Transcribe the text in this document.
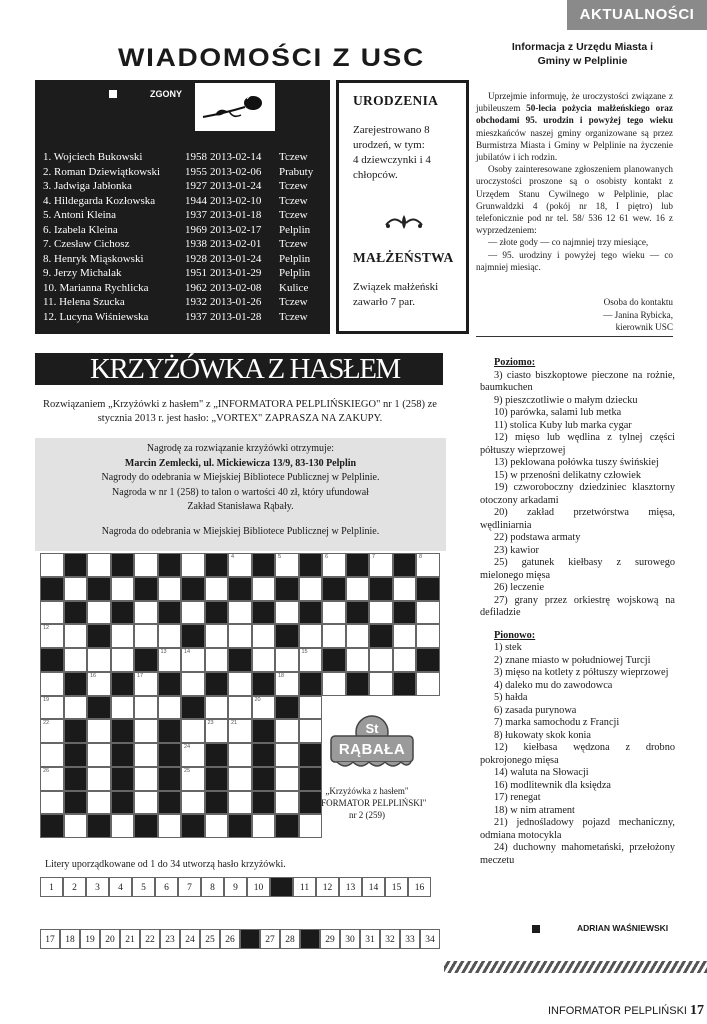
AKTUALNOŚCI
WIADOMOŚCI Z USC
ZGONY
1. Wojciech Bukowski	1958 2013-02-14 Tczew
2. Roman Dziewiątkowski 1955 2013-02-06 Prabuty
3. Jadwiga Jabłonka	1927 2013-01-24 Tczew
4. Hildegarda Kozłowska	1944 2013-02-10 Tczew
5. Antoni Kleina	1937 2013-01-18 Tczew
6. Izabela Kleina	1969 2013-02-17 Pelplin
7. Czesław Cichosz	1938 2013-02-01 Tczew
8. Henryk Miąskowski	1928 2013-01-24 Pelplin
9. Jerzy Michalak	1951 2013-01-29 Pelplin
10. Marianna Rychlicka	1962 2013-02-08 Kulice
11. Helena Szucka	1932 2013-01-26 Tczew
12. Lucyna Wiśniewska	1937 2013-01-28 Tczew
URODZENIA
Zarejestrowano 8 urodzeń, w tym:
4 dziewczynki i 4 chłopców.
MAŁŻEŃSTWA
Związek małżeński zawarło 7 par.
Informacja z Urzędu Miasta i Gminy w Pelplinie

Uprzejmie informuję, że uroczystości związane z jubileuszem 50-lecia pożycia małżeńskiego oraz obchodami 95. urodzin i powyżej tego wieku mieszkańców naszej gminy organizowane są przez Burmistrza Miasta i Gminy w Pelplinie na życzenie jubilatów i ich rodzin.

Osoby zainteresowane zgłoszeniem planowanych uroczystości proszone są o osobisty kontakt z Urzędem Stanu Cywilnego w Pelplinie, plac Grunwaldzki 4 (pokój nr 18, I piętro) lub telefonicznie pod nr tel. 58/ 536 12 61 wew. 16 z wyprzedzeniem:

— złote gody — co najmniej trzy miesiące,

— 95. urodziny i powyżej tego wieku — co najmniej miesiąc.

Osoba do kontaktu
— Janina Rybicka,
kierownik USC
KRZYŻÓWKA Z HASŁEM
Rozwiązaniem „Krzyżówki z hasłem" z „INFORMATORA PELPLIŃSKIEGO" nr 1 (258) ze stycznia 2013 r. jest hasło: „VORTEX" ZAPRASZA NA ZAKUPY.
Nagrodę za rozwiązanie krzyżówki otrzymuje:
Marcin Zemlecki, ul. Mickiewicza 13/9, 83-130 Pelplin
Nagrody do odebrania w Miejskiej Bibliotece Publicznej w Pelplinie.
Nagroda w nr 1 (258) to talon o wartości 40 zł, który ufundował
Zakład Stanisława Rąbały.
Nagroda do odebrania w Miejskiej Bibliotece Publicznej w Pelplinie.
4	5	6	7	8
12
13	14	15
16	17	18
19	20
22	23	21
24
26	25
St
RĄBAŁA
„Krzyżówka z hasłem"
„INFORMATOR PELPLIŃSKI"
nr 2 (259)
Litery uporządkowane od 1 do 34 utworzą hasło krzyżówki.
1	2	3	4	5	6	7	8	9	10	11	12	13	14	15	16
17	18	19	20	21	22	23	24	25	26	27	28	29	30	31	32	33	34
Poziomo:
3) ciasto biszkoptowe pieczone na rożnie, baumkuchen
9) pieszczotliwie o małym dziecku
10) parówka, salami lub metka
11) stolica Kuby lub marka cygar
12) mięso lub wędlina z tylnej części półtuszy wieprzowej
13) peklowana połówka tuszy świńskiej
15) w przenośni delikatny człowiek
19) czworoboczny dziedziniec klasztorny otoczony arkadami
20) zakład przetwórstwa mięsa, wędliniarnia
22) podstawa armaty
23) kawior
25) gatunek kiełbasy z surowego mielonego mięsa
26) leczenie
27) grany przez orkiestrę wojskową na defiladzie
Pionowo:
1) stek
2) znane miasto w południowej Turcji
3) mięso na kotlety z półtuszy wieprzowej
4) daleko mu do zawodowca
5) hałda
6) zasada purynowa
7) marka samochodu z Francji
8) łukowaty skok konia
12) kiełbasa wędzona z drobno pokrojonego mięsa
14) waluta na Słowacji
16) modlitewnik dla księdza
17) renegat
18) w nim atrament
21) jednośladowy pojazd mechaniczny, odmiana motocykla
24) duchowny mahometański, przełożony meczetu
ADRIAN WAŚNIEWSKI
INFORMATOR PELPLIŃSKI 17
